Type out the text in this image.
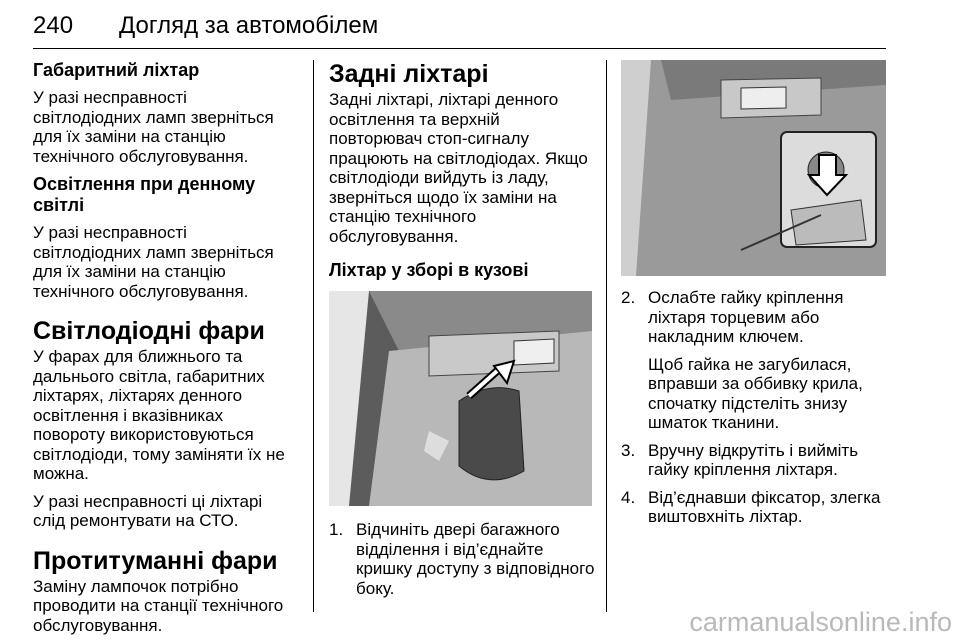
240 Догляд за автомобілем
Габаритний ліхтар
У разі несправності світлодіодних ламп зверніться для їх заміни на станцію технічного обслуговування.
Освітлення при денному світлі
У разі несправності світлодіодних ламп зверніться для їх заміни на станцію технічного обслуговування.
Світлодіодні фари
У фарах для ближнього та дальнього світла, габаритних ліхтарях, ліхтарях денного освітлення і вказівниках повороту використовуються світлодіоди, тому заміняти їх не можна.
У разі несправності ці ліхтарі слід ремонтувати на СТО.
Протитуманні фари
Заміну лампочок потрібно проводити на станції технічного обслуговування.
Задні ліхтарі
Задні ліхтарі, ліхтарі денного освітлення та верхній повторювач стоп-сигналу працюють на світлодіодах. Якщо світлодіоди вийдуть із ладу, зверніться щодо їх заміни на станцію технічного обслуговування.
Ліхтар у зборі в кузові
1. Відчиніть двері багажного відділення і від’єднайте кришку доступу з відповідного боку.
2. Ослабте гайку кріплення ліхтаря торцевим або накладним ключем.
Щоб гайка не загубилася, вправши за оббивку крила, спочатку підстеліть знизу шматок тканини.
3. Вручну відкрутіть і вийміть гайку кріплення ліхтаря.
4. Від’єднавши фіксатор, злегка виштовхніть ліхтар.
carmanualsonline.info
